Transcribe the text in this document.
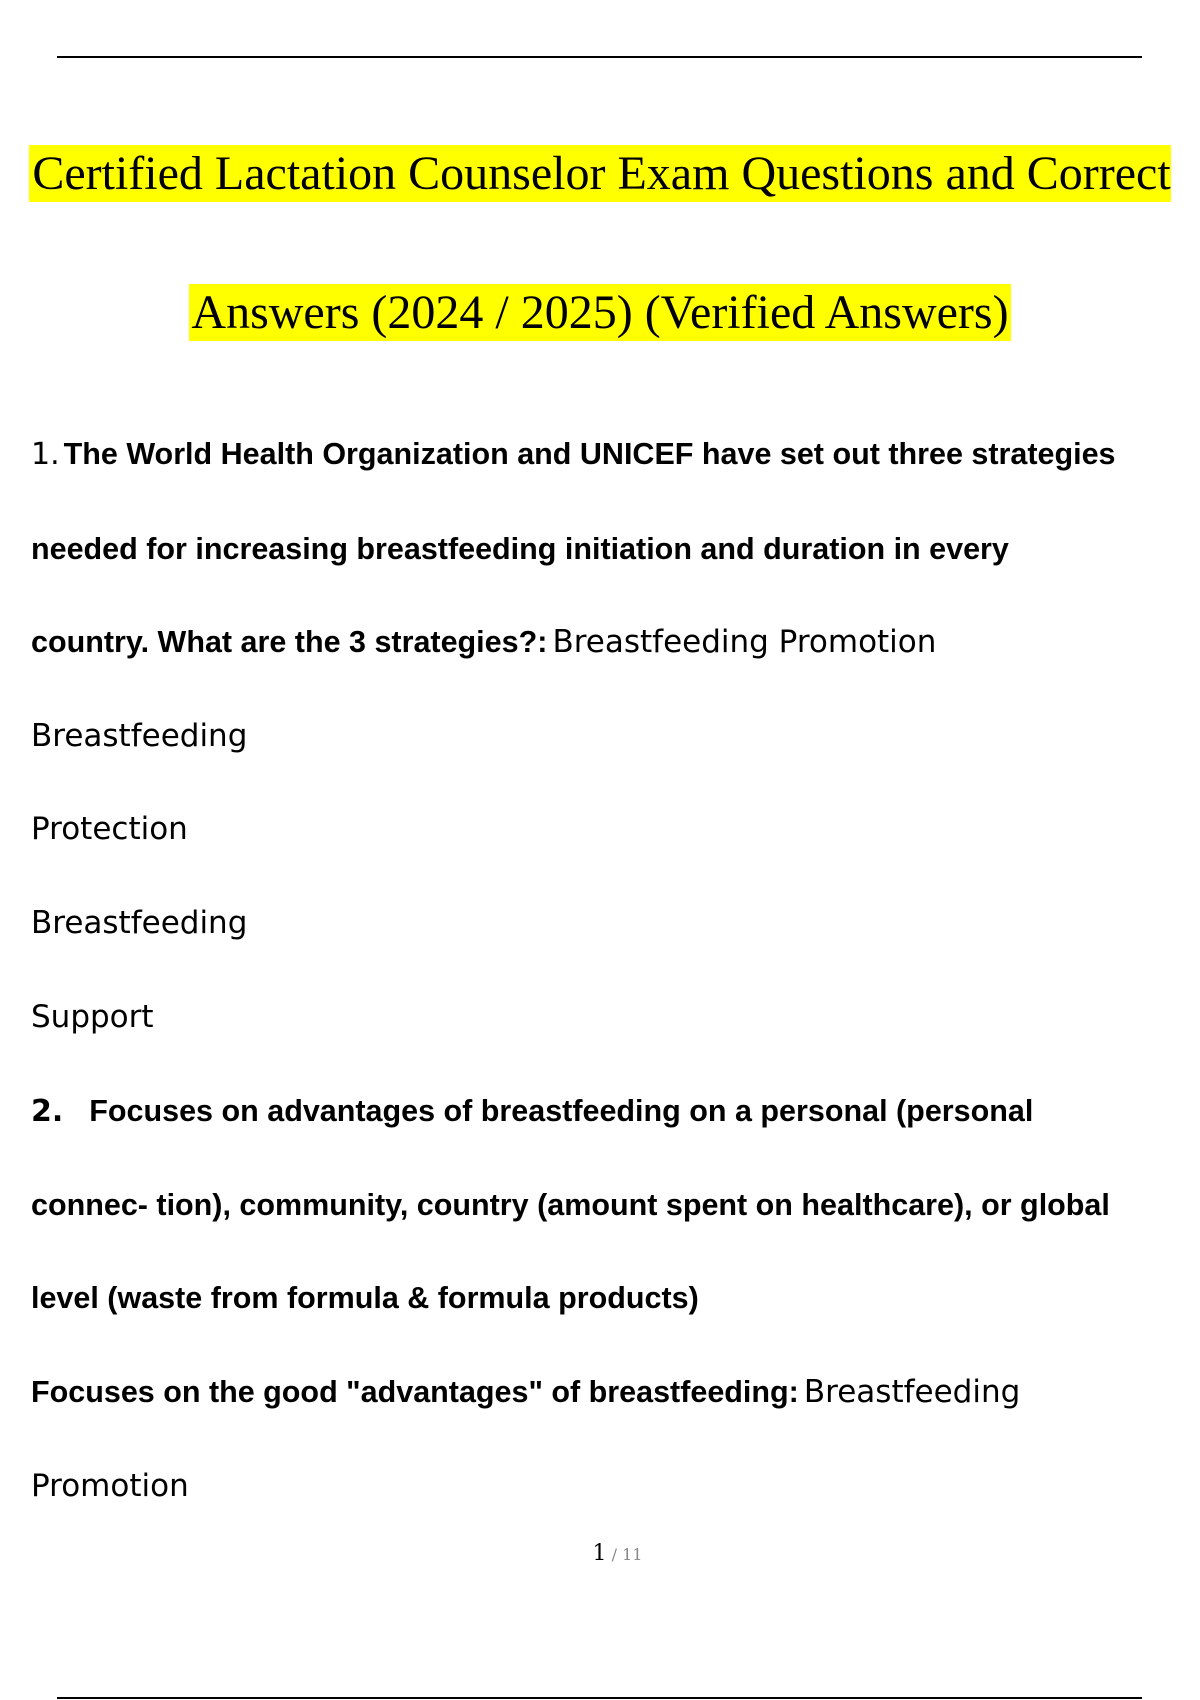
Certified Lactation Counselor Exam Questions and Correct
Answers (2024 / 2025) (Verified Answers)
1. The World Health Organization and UNICEF have set out three strategies
needed for increasing breastfeeding initiation and duration in every
country. What are the 3 strategies?: Breastfeeding Promotion
Breastfeeding
Protection
Breastfeeding
Support
2. Focuses on advantages of breastfeeding on a personal (personal
connec- tion), community, country (amount spent on healthcare), or global
level (waste from formula & formula products)
Focuses on the good "advantages" of breastfeeding: Breastfeeding
Promotion
1 / 11
